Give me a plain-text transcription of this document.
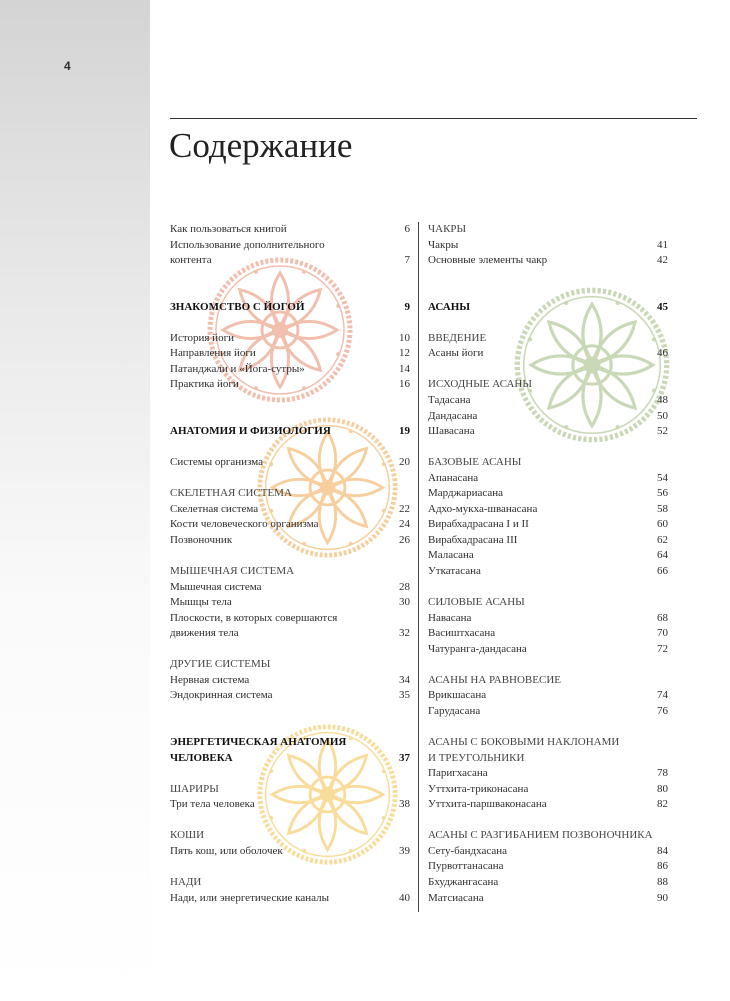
4
Содержание
Как пользоваться книгой	6
Использование дополнительного
контента	7
ЗНАКОМСТВО С ЙОГОЙ	9
История йоги	10
Направления йоги	12
Патанджали и «Йога-сутры»	14
Практика йоги	16
АНАТОМИЯ И ФИЗИОЛОГИЯ	19
Системы организма	20
СКЕЛЕТНАЯ СИСТЕМА
Скелетная система	22
Кости человеческого организма	24
Позвоночник	26
МЫШЕЧНАЯ СИСТЕМА
Мышечная система	28
Мышцы тела	30
Плоскости, в которых совершаются
движения тела	32
ДРУГИЕ СИСТЕМЫ
Нервная система	34
Эндокринная система	35
ЭНЕРГЕТИЧЕСКАЯ АНАТОМИЯ
ЧЕЛОВЕКА	37
ШАРИРЫ
Три тела человека	38
КОШИ
Пять кош, или оболочек	39
НАДИ
Нади, или энергетические каналы	40
ЧАКРЫ
Чакры	41
Основные элементы чакр	42
АСАНЫ	45
ВВЕДЕНИЕ
Асаны йоги	46
ИСХОДНЫЕ АСАНЫ
Тадасана	48
Дандасана	50
Шавасана	52
БАЗОВЫЕ АСАНЫ
Апанасана	54
Марджариасана	56
Адхо-мукха-шванасана	58
Вирабхадрасана I и II	60
Вирабхадрасана III	62
Маласана	64
Уткатасана	66
СИЛОВЫЕ АСАНЫ
Навасана	68
Васиштхасана	70
Чатуранга-дандасана	72
АСАНЫ НА РАВНОВЕСИЕ
Врикшасана	74
Гарудасана	76
АСАНЫ С БОКОВЫМИ НАКЛОНАМИ
И ТРЕУГОЛЬНИКИ
Паригхасана	78
Уттхита-триконасана	80
Уттхита-паршваконасана	82
АСАНЫ С РАЗГИБАНИЕМ ПОЗВОНОЧНИКА
Сету-бандхасана	84
Пурвоттанасана	86
Бхуджангасана	88
Матсиасана	90
